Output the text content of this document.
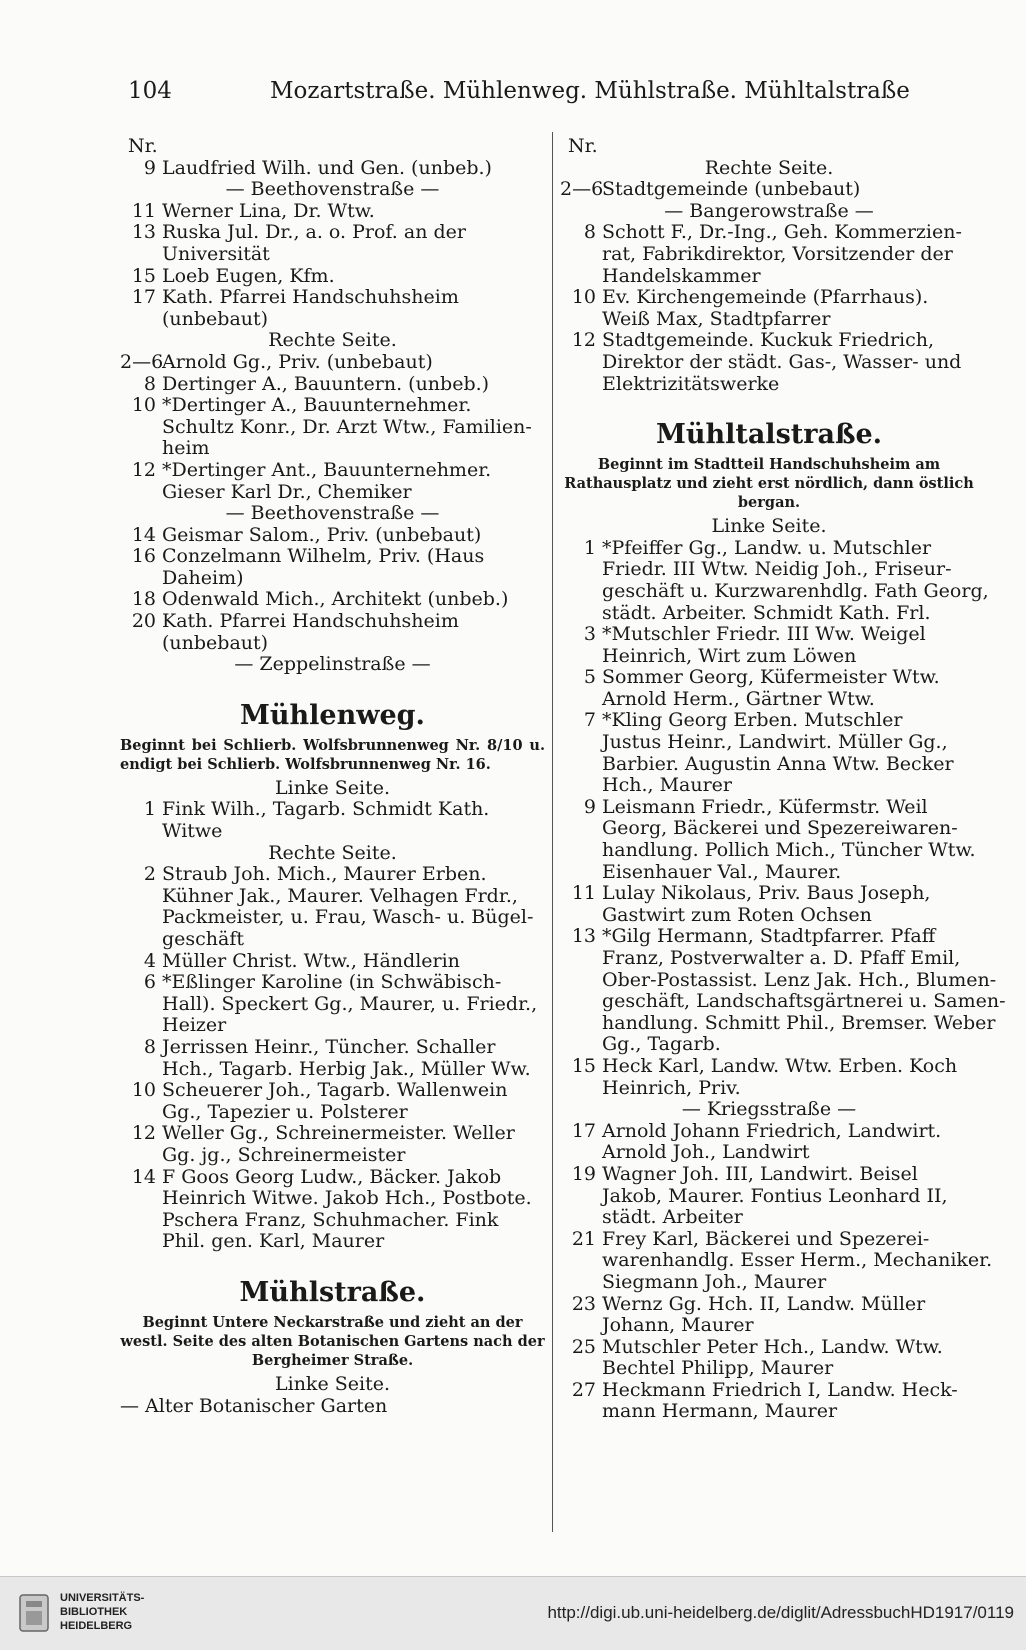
104	Mozartstraße. Mühlenweg. Mühlstraße. Mühltalstraße
Nr.
9 Laudfried Wilh. und Gen. (unbeb.)
— Beethovenstraße —
11 Werner Lina, Dr. Wtw.
13 Ruska Jul. Dr., a. o. Prof. an der
Universität
15 Loeb Eugen, Kfm.
17 Kath. Pfarrei Handschuhsheim
(unbebaut)
Rechte Seite.
2—6Arnold Gg., Priv. (unbebaut)
8 Dertinger A., Bauuntern. (unbeb.)
10 *Dertinger A., Bauunternehmer.
Schultz Konr., Dr. Arzt Wtw., Familien-
heim
12 *Dertinger Ant., Bauunternehmer.
Gieser Karl Dr., Chemiker
— Beethovenstraße —
14 Geismar Salom., Priv. (unbebaut)
16 Conzelmann Wilhelm, Priv. (Haus
Daheim)
18 Odenwald Mich., Architekt (unbeb.)
20 Kath. Pfarrei Handschuhsheim
(unbebaut)
— Zeppelinstraße —
Mühlenweg.
Beginnt bei Schlierb. Wolfsbrunnenweg Nr. 8/10 u. endigt bei Schlierb. Wolfsbrunnenweg Nr. 16.
Linke Seite.
1 Fink Wilh., Tagarb. Schmidt Kath.
Witwe
Rechte Seite.
2 Straub Joh. Mich., Maurer Erben.
Kühner Jak., Maurer. Velhagen Frdr.,
Packmeister, u. Frau, Wasch- u. Bügel-
geschäft
4 Müller Christ. Wtw., Händlerin
6 *Eßlinger Karoline (in Schwäbisch-
Hall). Speckert Gg., Maurer, u. Friedr.,
Heizer
8 Jerrissen Heinr., Tüncher. Schaller
Hch., Tagarb. Herbig Jak., Müller Ww.
10 Scheuerer Joh., Tagarb. Wallenwein
Gg., Tapezier u. Polsterer
12 Weller Gg., Schreinermeister. Weller
Gg. jg., Schreinermeister
14 F Goos Georg Ludw., Bäcker. Jakob
Heinrich Witwe. Jakob Hch., Postbote.
Pschera Franz, Schuhmacher. Fink
Phil. gen. Karl, Maurer
Mühlstraße.
Beginnt Untere Neckarstraße und zieht an der westl. Seite des alten Botanischen Gartens nach der Bergheimer Straße.
Linke Seite.
— Alter Botanischer Garten
Nr.
Rechte Seite.
2—6Stadtgemeinde (unbebaut)
— Bangerowstraße —
8 Schott F., Dr.-Ing., Geh. Kommerzien-
rat, Fabrikdirektor, Vorsitzender der
Handelskammer
10 Ev. Kirchengemeinde (Pfarrhaus).
Weiß Max, Stadtpfarrer
12 Stadtgemeinde. Kuckuk Friedrich,
Direktor der städt. Gas-, Wasser- und
Elektrizitätswerke
Mühltalstraße.
Beginnt im Stadtteil Handschuhsheim am Rathausplatz und zieht erst nördlich, dann östlich bergan.
Linke Seite.
1 *Pfeiffer Gg., Landw. u. Mutschler
Friedr. III Wtw. Neidig Joh., Friseur-
geschäft u. Kurzwarenhdlg. Fath Georg,
städt. Arbeiter. Schmidt Kath. Frl.
3 *Mutschler Friedr. III Ww. Weigel
Heinrich, Wirt zum Löwen
5 Sommer Georg, Küfermeister Wtw.
Arnold Herm., Gärtner Wtw.
7 *Kling Georg Erben. Mutschler
Justus Heinr., Landwirt. Müller Gg.,
Barbier. Augustin Anna Wtw. Becker
Hch., Maurer
9 Leismann Friedr., Küfermstr. Weil
Georg, Bäckerei und Spezereiwaren-
handlung. Pollich Mich., Tüncher Wtw.
Eisenhauer Val., Maurer.
11 Lulay Nikolaus, Priv. Baus Joseph,
Gastwirt zum Roten Ochsen
13 *Gilg Hermann, Stadtpfarrer. Pfaff
Franz, Postverwalter a. D. Pfaff Emil,
Ober-Postassist. Lenz Jak. Hch., Blumen-
geschäft, Landschaftsgärtnerei u. Samen-
handlung. Schmitt Phil., Bremser. Weber
Gg., Tagarb.
15 Heck Karl, Landw. Wtw. Erben. Koch
Heinrich, Priv.
— Kriegsstraße —
17 Arnold Johann Friedrich, Landwirt.
Arnold Joh., Landwirt
19 Wagner Joh. III, Landwirt. Beisel
Jakob, Maurer. Fontius Leonhard II,
städt. Arbeiter
21 Frey Karl, Bäckerei und Spezerei-
warenhandlg. Esser Herm., Mechaniker.
Siegmann Joh., Maurer
23 Wernz Gg. Hch. II, Landw. Müller
Johann, Maurer
25 Mutschler Peter Hch., Landw. Wtw.
Bechtel Philipp, Maurer
27 Heckmann Friedrich I, Landw. Heck-
mann Hermann, Maurer
UNIVERSITÄTS-
BIBLIOTHEK
HEIDELBERG
http://digi.ub.uni-heidelberg.de/diglit/AdressbuchHD1917/0119
